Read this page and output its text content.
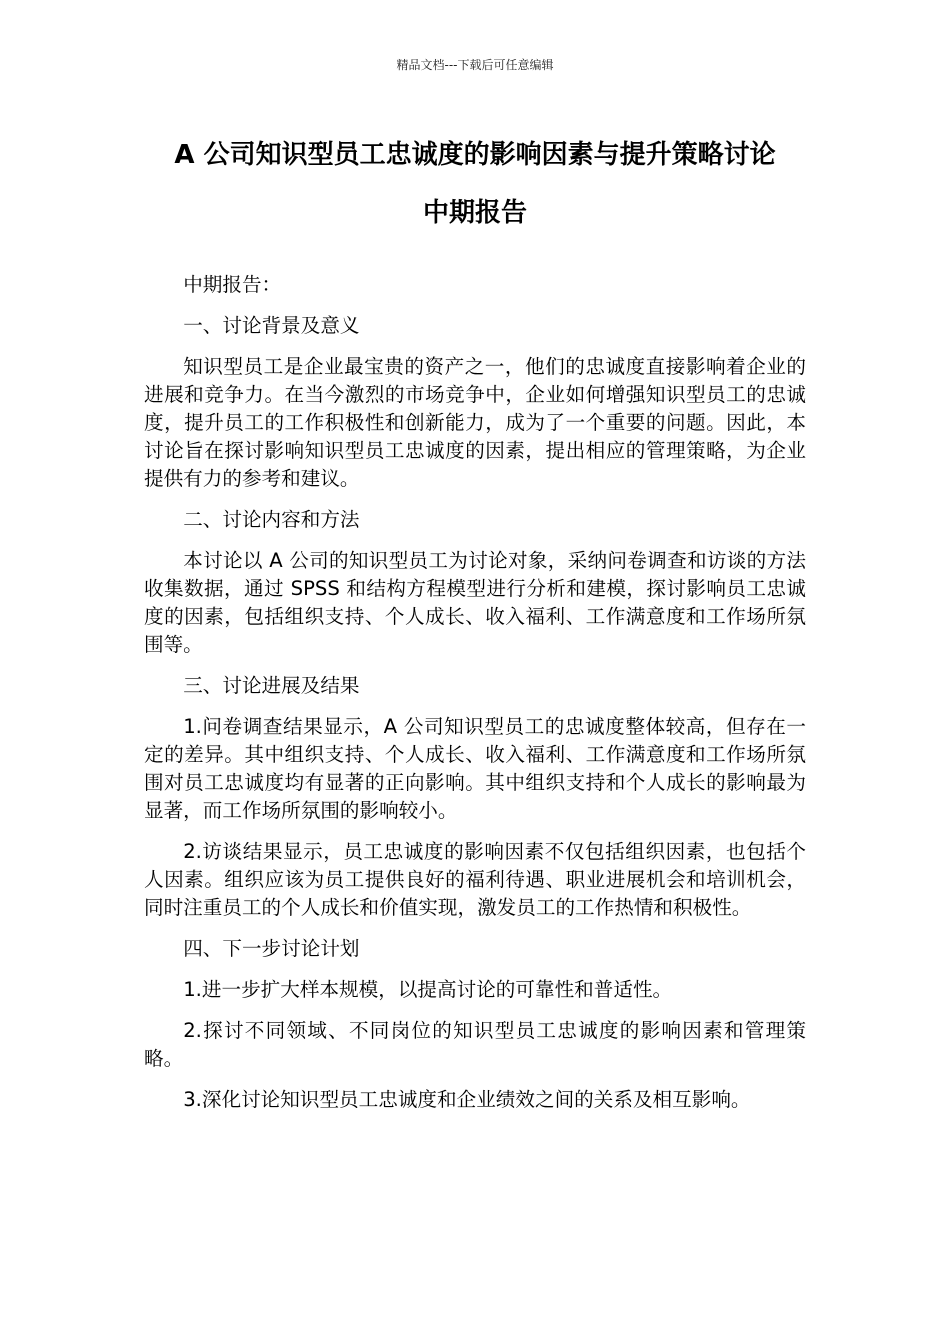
精品文档---下载后可任意编辑
A 公司知识型员工忠诚度的影响因素与提升策略讨论
中期报告

中期报告：

一、讨论背景及意义

知识型员工是企业最宝贵的资产之一，他们的忠诚度直接影响着企业的进展和竞争力。在当今激烈的市场竞争中，企业如何增强知识型员工的忠诚度，提升员工的工作积极性和创新能力，成为了一个重要的问题。因此，本讨论旨在探讨影响知识型员工忠诚度的因素，提出相应的管理策略，为企业提供有力的参考和建议。

二、讨论内容和方法

本讨论以 A 公司的知识型员工为讨论对象，采纳问卷调查和访谈的方法收集数据，通过 SPSS 和结构方程模型进行分析和建模，探讨影响员工忠诚度的因素，包括组织支持、个人成长、收入福利、工作满意度和工作场所氛围等。

三、讨论进展及结果

1.问卷调查结果显示，A 公司知识型员工的忠诚度整体较高，但存在一定的差异。其中组织支持、个人成长、收入福利、工作满意度和工作场所氛围对员工忠诚度均有显著的正向影响。其中组织支持和个人成长的影响最为显著，而工作场所氛围的影响较小。

2.访谈结果显示，员工忠诚度的影响因素不仅包括组织因素，也包括个人因素。组织应该为员工提供良好的福利待遇、职业进展机会和培训机会，同时注重员工的个人成长和价值实现，激发员工的工作热情和积极性。

四、下一步讨论计划

1.进一步扩大样本规模，以提高讨论的可靠性和普适性。

2.探讨不同领域、不同岗位的知识型员工忠诚度的影响因素和管理策略。

3.深化讨论知识型员工忠诚度和企业绩效之间的关系及相互影响。
